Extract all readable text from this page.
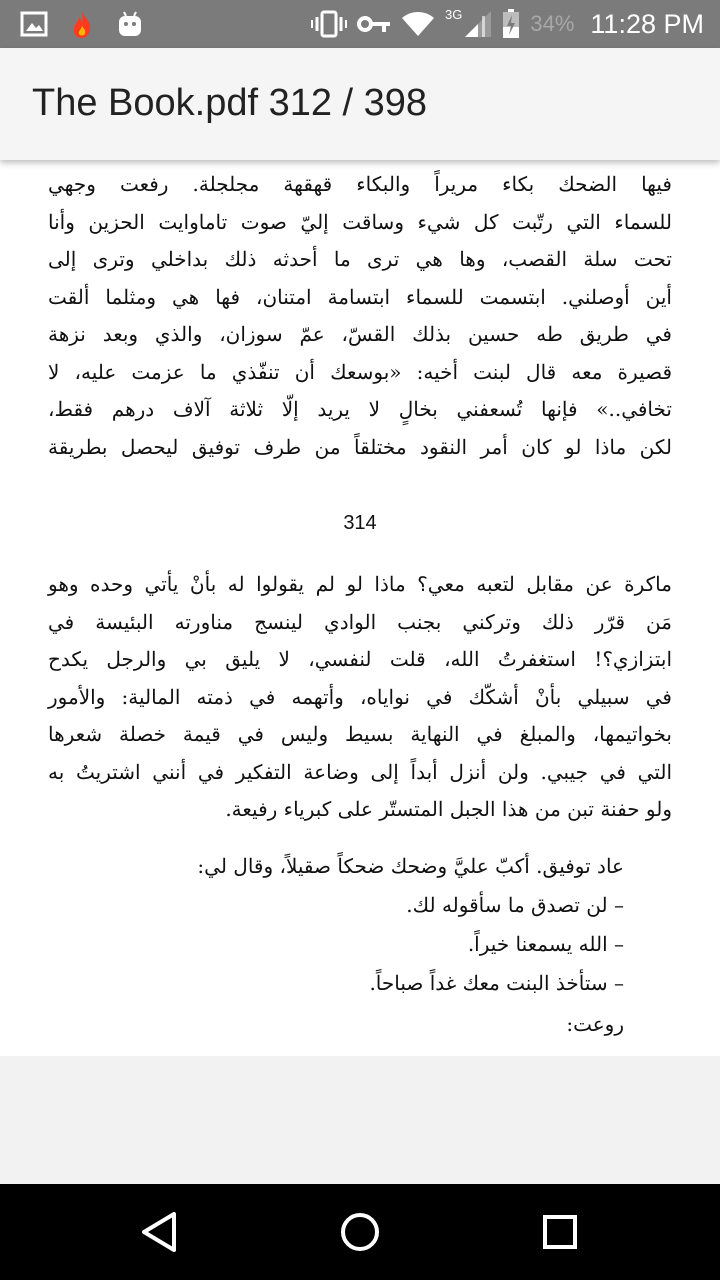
3G	34% 11:28 PM
The Book.pdf 312 / 398
فيها الضحك بكاء مريراً والبكاء قهقهة مجلجلة. رفعت وجهي
للسماء التي رتّبت كل شيء وساقت إليّ صوت تاماوايت الحزين وأنا
تحت سلة القصب، وها هي ترى ما أحدثه ذلك بداخلي وترى إلى
أين أوصلني. ابتسمت للسماء ابتسامة امتنان، فها هي ومثلما ألقت
في طريق طه حسين بذلك القسّ، عمّ سوزان، والذي وبعد نزهة
قصيرة معه قال لبنت أخيه: «بوسعك أن تنفّذي ما عزمت عليه، لا
تخافي..» فإنها تُسعفني بخالٍ لا يريد إلّا ثلاثة آلاف درهم فقط،
لكن ماذا لو كان أمر النقود مختلقاً من طرف توفيق ليحصل بطريقة
314
ماكرة عن مقابل لتعبه معي؟ ماذا لو لم يقولوا له بأنْ يأتي وحده وهو
مَن قرّر ذلك وتركني بجنب الوادي لينسج مناورته البئيسة في
ابتزازي؟! استغفرتُ الله، قلت لنفسي، لا يليق بي والرجل يكدح
في سبيلي بأنْ أشكّك في نواياه، وأتهمه في ذمته المالية: والأمور
بخواتيمها، والمبلغ في النهاية بسيط وليس في قيمة خصلة شعرها
التي في جيبي. ولن أنزل أبداً إلى وضاعة التفكير في أنني اشتريتُ به
ولو حفنة تبن من هذا الجبل المتستّر على كبرياء رفيعة.
عاد توفيق. أكبّ عليَّ وضحك ضحكاً صقيلاً، وقال لي:
– لن تصدق ما سأقوله لك.
– الله يسمعنا خيراً.
– ستأخذ البنت معك غداً صباحاً.
روعت:
